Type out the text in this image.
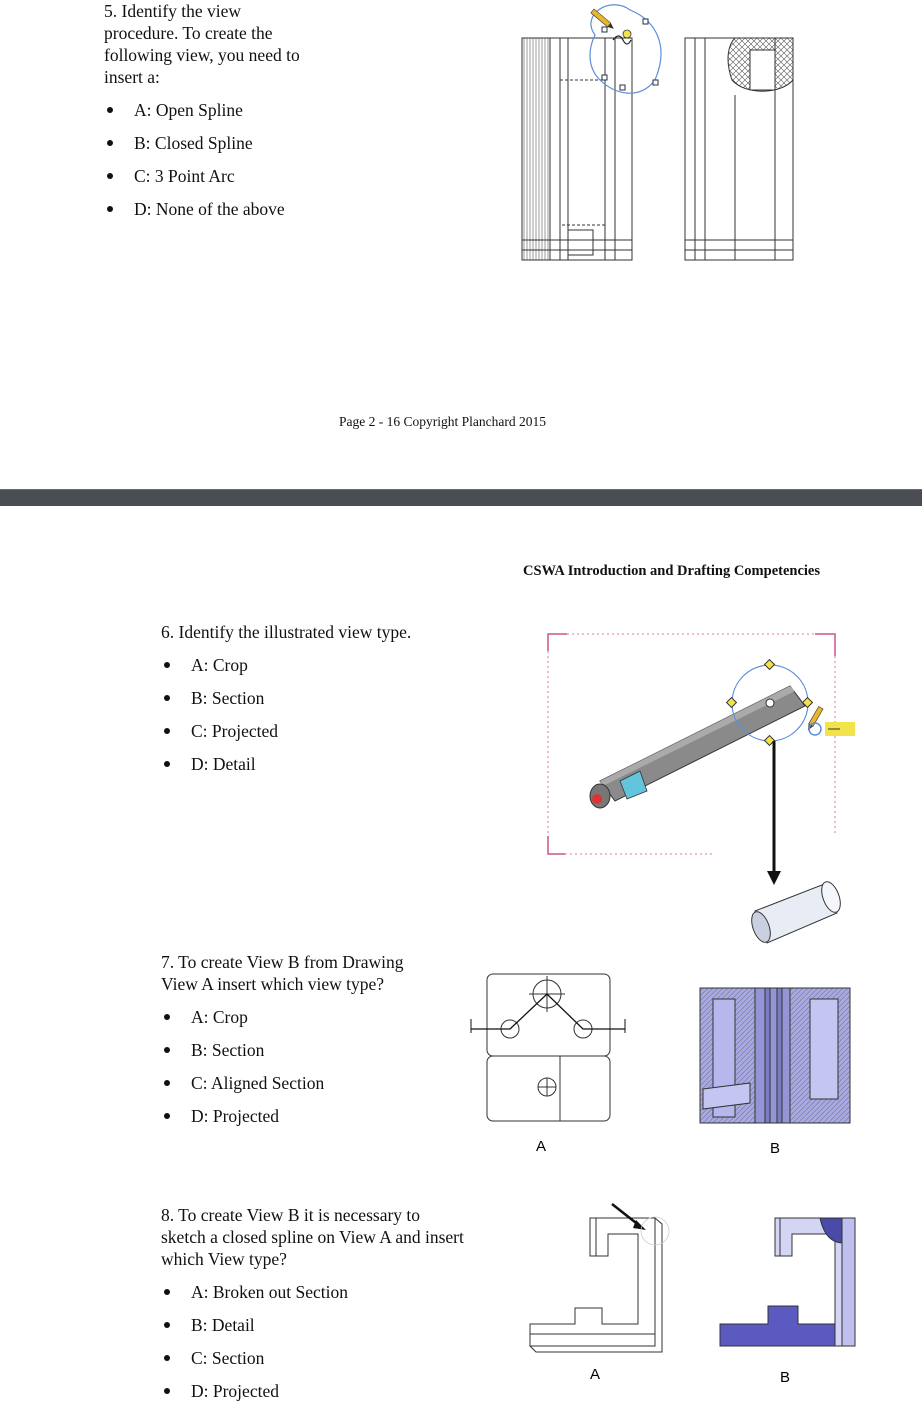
5. Identify the view
procedure. To create the
following view, you need to
insert a:

A: Open Spline
B: Closed Spline
C: 3 Point Arc
D: None of the above
Page 2 - 16 Copyright Planchard 2015
CSWA Introduction and Drafting Competencies

6. Identify the illustrated view type.

A: Crop
B: Section
C: Projected
D: Detail

7. To create View B from Drawing
View A insert which view type?

A: Crop
B: Section
C: Aligned Section
D: Projected
A	B

8. To create View B it is necessary to
sketch a closed spline on View A and insert
which View type?

A: Broken out Section
B: Detail
C: Section
D: Projected
A	B
